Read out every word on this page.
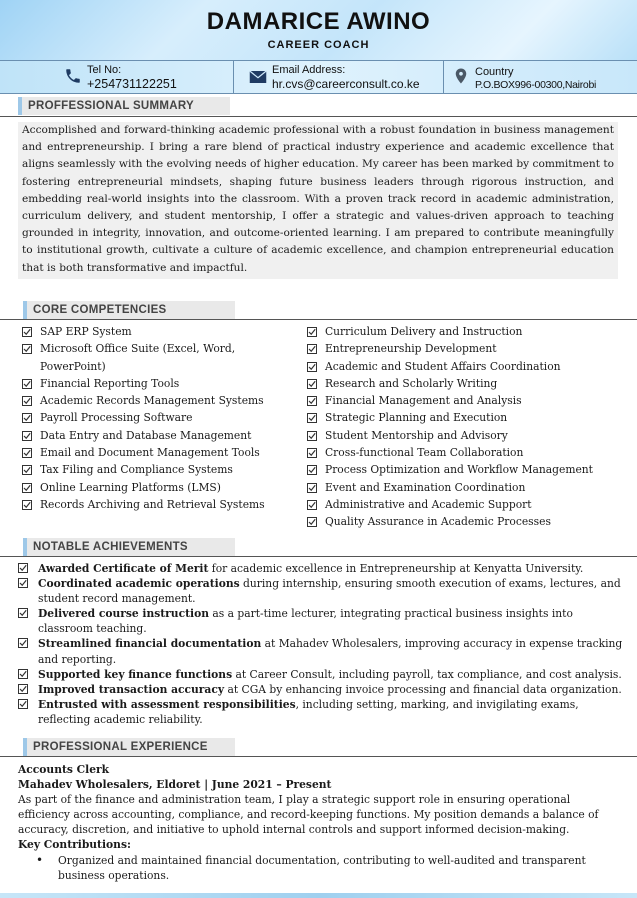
DAMARICE AWINO
CAREER COACH
Tel No:
+254731122251
Email Address:
hr.cvs@careerconsult.co.ke
Country
P.O.BOX996-00300,Nairobi
PROFFESSIONAL SUMMARY
Accomplished and forward-thinking academic professional with a robust foundation in business management and entrepreneurship. I bring a rare blend of practical industry experience and academic excellence that aligns seamlessly with the evolving needs of higher education. My career has been marked by commitment to fostering entrepreneurial mindsets, shaping future business leaders through rigorous instruction, and embedding real-world insights into the classroom. With a proven track record in academic administration, curriculum delivery, and student mentorship, I offer a strategic and values-driven approach to teaching grounded in integrity, innovation, and outcome-oriented learning. I am prepared to contribute meaningfully to institutional growth, cultivate a culture of academic excellence, and champion entrepreneurial education that is both transformative and impactful.
CORE COMPETENCIES
SAP ERP System
Microsoft Office Suite (Excel, Word,
PowerPoint)
Financial Reporting Tools
Academic Records Management Systems
Payroll Processing Software
Data Entry and Database Management
Email and Document Management Tools
Tax Filing and Compliance Systems
Online Learning Platforms (LMS)
Records Archiving and Retrieval Systems
Curriculum Delivery and Instruction
Entrepreneurship Development
Academic and Student Affairs Coordination
Research and Scholarly Writing
Financial Management and Analysis
Strategic Planning and Execution
Student Mentorship and Advisory
Cross-functional Team Collaboration
Process Optimization and Workflow Management
Event and Examination Coordination
Administrative and Academic Support
Quality Assurance in Academic Processes
NOTABLE ACHIEVEMENTS
Awarded Certificate of Merit for academic excellence in Entrepreneurship at Kenyatta University.
Coordinated academic operations during internship, ensuring smooth execution of exams, lectures, and student record management.
Delivered course instruction as a part-time lecturer, integrating practical business insights into classroom teaching.
Streamlined financial documentation at Mahadev Wholesalers, improving accuracy in expense tracking and reporting.
Supported key finance functions at Career Consult, including payroll, tax compliance, and cost analysis.
Improved transaction accuracy at CGA by enhancing invoice processing and financial data organization.
Entrusted with assessment responsibilities, including setting, marking, and invigilating exams, reflecting academic reliability.
PROFESSIONAL EXPERIENCE
Accounts Clerk
Mahadev Wholesalers, Eldoret | June 2021 – Present
As part of the finance and administration team, I play a strategic support role in ensuring operational efficiency across accounting, compliance, and record-keeping functions. My position demands a balance of accuracy, discretion, and initiative to uphold internal controls and support informed decision-making.
Key Contributions:
• Organized and maintained financial documentation, contributing to well-audited and transparent business operations.
